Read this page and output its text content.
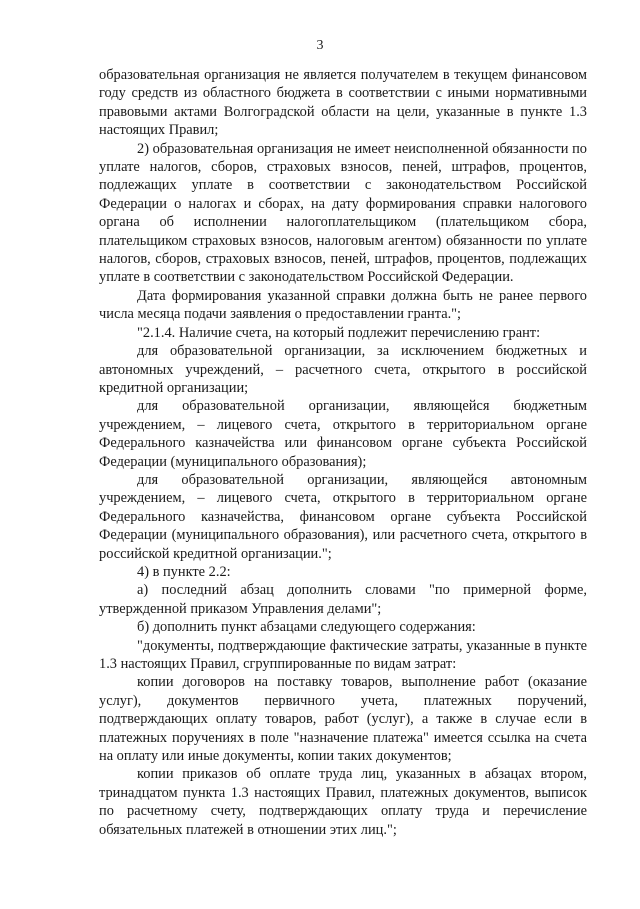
3

образовательная организация не является получателем в текущем финансовом году средств из областного бюджета в соответствии с иными нормативными правовыми актами Волгоградской области на цели, указанные в пункте 1.3 настоящих Правил;

2) образовательная организация не имеет неисполненной обязанности по уплате налогов, сборов, страховых взносов, пеней, штрафов, процентов, подлежащих уплате в соответствии с законодательством Российской Федерации о налогах и сборах, на дату формирования справки налогового органа об исполнении налогоплательщиком (плательщиком сбора, плательщиком страховых взносов, налоговым агентом) обязанности по уплате налогов, сборов, страховых взносов, пеней, штрафов, процентов, подлежащих уплате в соответствии с законодательством Российской Федерации.

Дата формирования указанной справки должна быть не ранее первого числа месяца подачи заявления о предоставлении гранта.";

"2.1.4. Наличие счета, на который подлежит перечислению грант:

для образовательной организации, за исключением бюджетных и автономных учреждений, – расчетного счета, открытого в российской кредитной организации;

для образовательной организации, являющейся бюджетным учреждением, – лицевого счета, открытого в территориальном органе Федерального казначейства или финансовом органе субъекта Российской Федерации (муниципального образования);

для образовательной организации, являющейся автономным учреждением, – лицевого счета, открытого в территориальном органе Федерального казначейства, финансовом органе субъекта Российской Федерации (муниципального образования), или расчетного счета, открытого в российской кредитной организации.";

4) в пункте 2.2:

а) последний абзац дополнить словами "по примерной форме, утвержденной приказом Управления делами";

б) дополнить пункт абзацами следующего содержания:

"документы, подтверждающие фактические затраты, указанные в пункте 1.3 настоящих Правил, сгруппированные по видам затрат:

копии договоров на поставку товаров, выполнение работ (оказание услуг), документов первичного учета, платежных поручений, подтверждающих оплату товаров, работ (услуг), а также в случае если в платежных поручениях в поле "назначение платежа" имеется ссылка на счета на оплату или иные документы, копии таких документов;

копии приказов об оплате труда лиц, указанных в абзацах втором, тринадцатом пункта 1.3 настоящих Правил, платежных документов, выписок по расчетному счету, подтверждающих оплату труда и перечисление обязательных платежей в отношении этих лиц.";
